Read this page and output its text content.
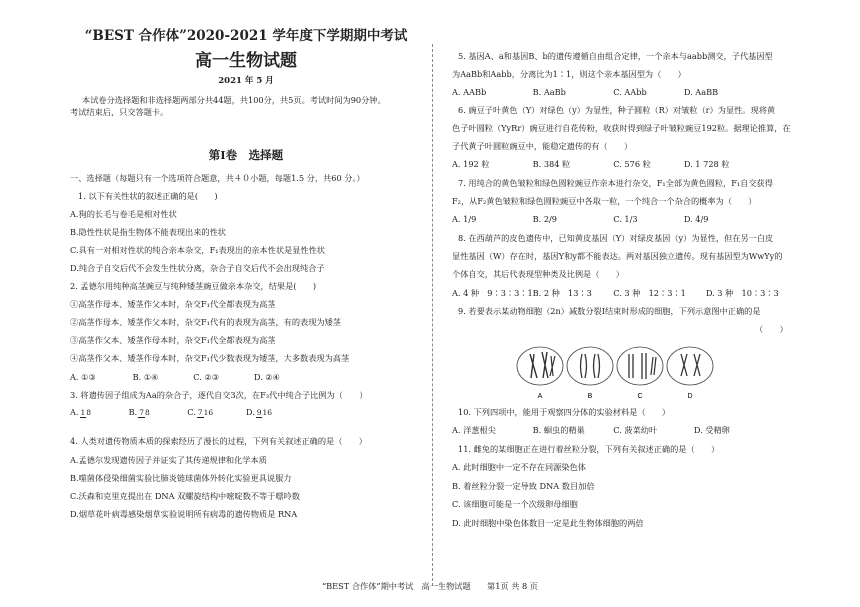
“BEST 合作体”2020-2021 学年度下学期期中考试
高一生物试题
2021 年 5 月
本试卷分选择题和非选择题两部分共44题，共100分，共5页。考试时间为90分钟。
考试结束后，只交答题卡。
第Ⅰ卷　选择题
一、选择题（每题只有一个选项符合题意，共４０小题，每题1.5 分，共60 分。）
1. 以下有关性状的叙述正确的是(　　)
A.狗的长毛与卷毛是相对性状
B.隐性性状是指生物体不能表现出来的性状
C.具有一对相对性状的纯合亲本杂交，F₁表现出的亲本性状是显性性状
D.纯合子自交后代不会发生性状分离，杂合子自交后代不会出现纯合子
2. 孟德尔用纯种高茎豌豆与纯种矮茎豌豆做亲本杂交，结果是(　　)
①高茎作母本、矮茎作父本时，杂交F₁代全都表现为高茎
②高茎作母本、矮茎作父本时，杂交F₁代有的表现为高茎，有的表现为矮茎
③高茎作父本、矮茎作母本时，杂交F₁代全都表现为高茎
④高茎作父本、矮茎作母本时，杂交F₁代少数表现为矮茎，大多数表现为高茎
A. ①③	B. ①④	C. ②③	D. ②④
3. 将遗传因子组成为Aa的杂合子，逐代自交3次，在F₃代中纯合子比例为（　　）
A. 18	B. 78	C. 716	D. 916
4. 人类对遗传物质本质的探索经历了漫长的过程，下列有关叙述正确的是（　　）
A.孟德尔发现遗传因子并证实了其传递规律和化学本质
B.噬菌体侵染细菌实验比肺炎链球菌体外转化实验更具说服力
C.沃森和克里克提出在 DNA 双螺旋结构中嘧啶数不等于嘌呤数
D.烟草花叶病毒感染烟草实验说明所有病毒的遗传物质是 RNA
5. 基因A、a和基因B、b的遗传遵循自由组合定律，一个亲本与aabb测交，子代基因型
为AaBb和Aabb，分离比为1∶1，则这个亲本基因型为（　　）
A. AABb	B. AaBb	C. AAbb	D. AaBB
6. 豌豆子叶黄色（Y）对绿色（y）为显性，种子圆粒（R）对皱粒（r）为显性。现将黄
色子叶圆粒（YyRr）豌豆进行自花传粉，收获时得到绿子叶皱粒豌豆192粒。据理论推算，在
子代黄子叶圆粒豌豆中，能稳定遗传的有（　　）
A. 192 粒	B. 384 粒	C. 576 粒	D. 1 728 粒
7. 用纯合的黄色皱粒和绿色圆粒豌豆作亲本进行杂交，F₁全部为黄色圆粒，F₁自交获得
F₂，从F₂黄色皱粒和绿色圆粒豌豆中各取一粒，一个纯合一个杂合的概率为（　　）
A. 1/9	B. 2/9	C. 1/3	D. 4/9
8. 在西葫芦的皮色遗传中，已知黄皮基因（Y）对绿皮基因（y）为显性，但在另一白皮
显性基因（W）存在时，基因Y和y都不能表达。两对基因独立遗传。现有基因型为WwYy的
个体自交，其后代表现型种类及比例是（　　）
A. 4 种　9∶3∶3∶1 B. 2 种　13∶3	C. 3 种　12∶3∶1 D. 3 种　10∶3∶3
9. 若要表示某动物细胞（2n）减数分裂Ⅰ结束时形成的细胞，下列示意图中正确的是
（　　）
A	B	C	D
10. 下列四项中，能用于观察四分体的实验材料是（　　）
A. 洋葱根尖	B. 蛔虫的精巢	C. 菠菜幼叶	D. 受精卵
11. 雌兔的某细胞正在进行着丝粒分裂，下列有关叙述正确的是（　　）
A. 此时细胞中一定不存在同源染色体
B. 着丝粒分裂一定导致 DNA 数目加倍
C. 该细胞可能是一个次级卵母细胞
D. 此时细胞中染色体数目一定是此生物体细胞的两倍
“BEST 合作体”期中考试　高一生物试题　　第1页 共 8 页
